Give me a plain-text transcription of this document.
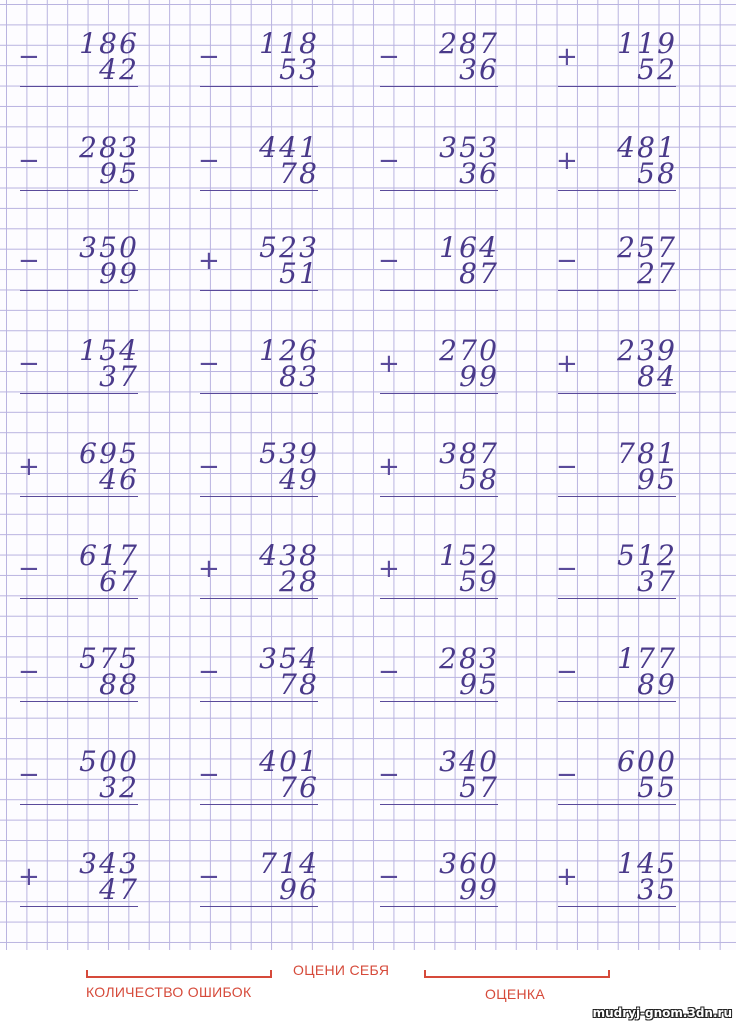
− 1 8 6
4 2 − 1 1 8
5 3 − 2 8 7
3 6 + 1 1 9
5 2
− 2 8 3
9 5 − 4 4 1
7 8 − 3 5 3
3 6 + 4 8 1
5 8
− 3 5 0
9 9 + 5 2 3
5 1 − 1 6 4
8 7 − 2 5 7
2 7
− 1 5 4
3 7 − 1 2 6
8 3 + 2 7 0
9 9 + 2 3 9
8 4
+ 6 9 5
4 6 − 5 3 9
4 9 + 3 8 7
5 8 − 7 8 1
9 5
− 6 1 7
6 7 + 4 3 8
2 8 + 1 5 2
5 9 − 5 1 2
3 7
− 5 7 5
8 8 − 3 5 4
7 8 − 2 8 3
9 5 − 1 7 7
8 9
− 5 0 0
3 2 − 4 0 1
7 6 − 3 4 0
5 7 − 6 0 0
5 5
+ 3 4 3
4 7 − 7 1 4
9 6 − 3 6 0
9 9 + 1 4 5
3 5
КОЛИЧЕСТВО ОШИБОК
ОЦЕНИ СЕБЯ
ОЦЕНКА
mudryj-gnom.3dn.ru
